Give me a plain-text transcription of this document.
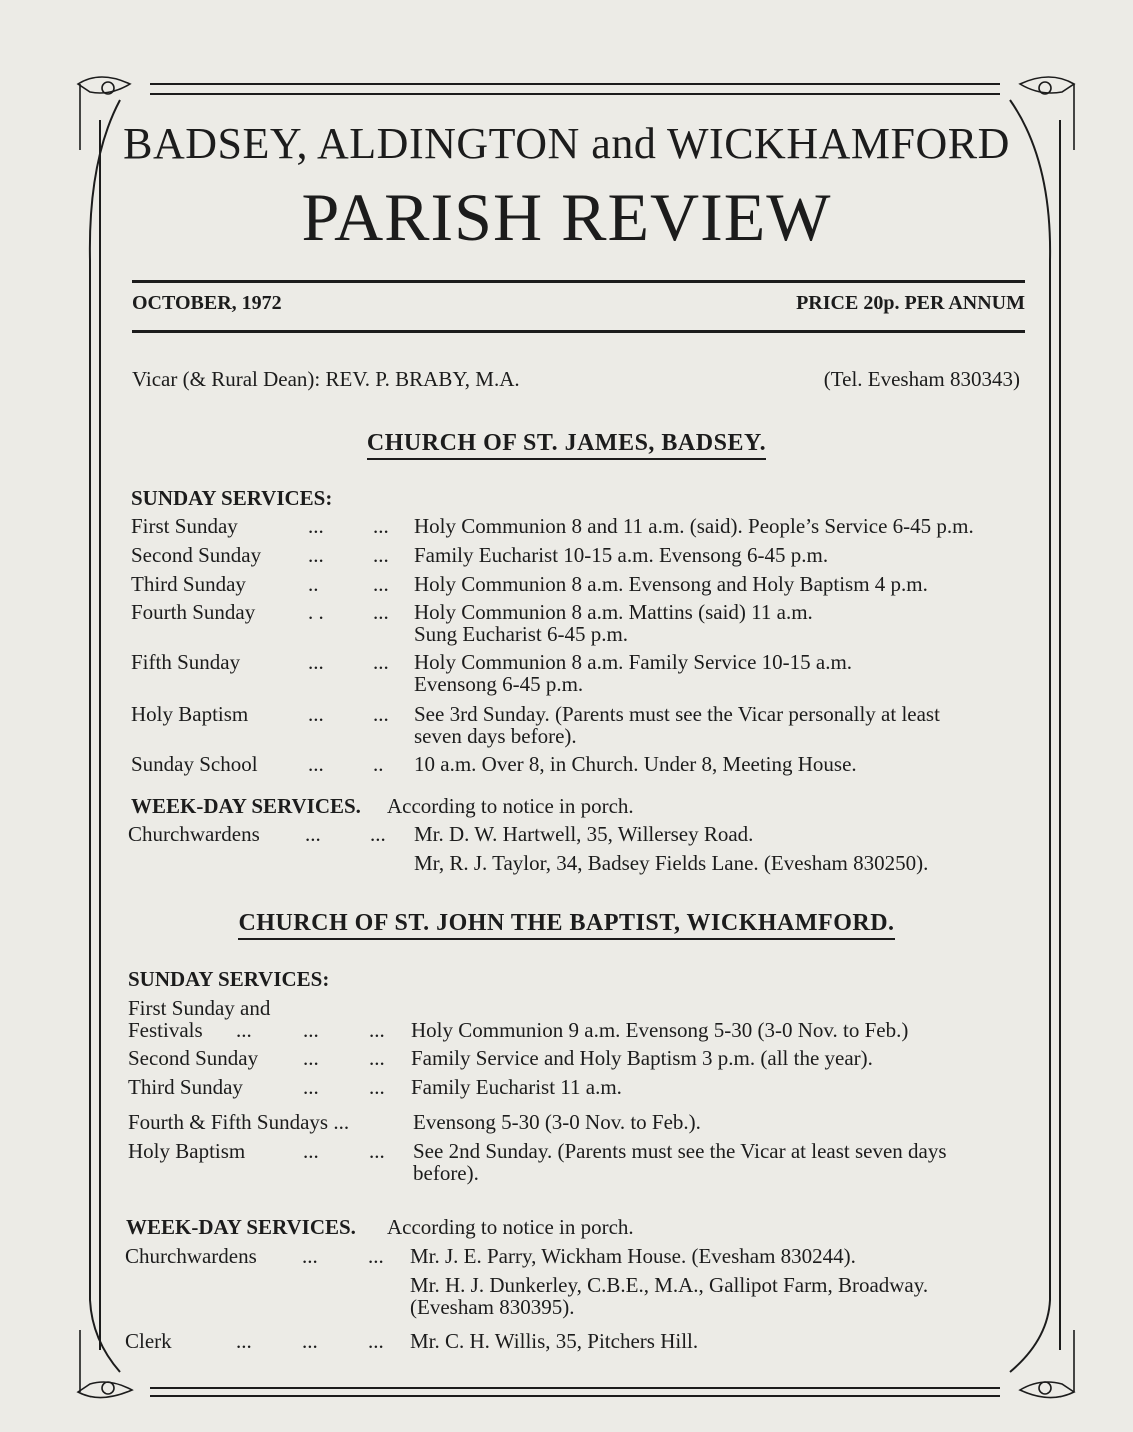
BADSEY, ALDINGTON and WICKHAMFORD
PARISH REVIEW
OCTOBER, 1972	PRICE 20p. PER ANNUM
Vicar (& Rural Dean): REV. P. BRABY, M.A.	(Tel. Evesham 830343)
CHURCH OF ST. JAMES, BADSEY.
SUNDAY SERVICES:
First Sunday	... ... Holy Communion 8 and 11 a.m. (said). People’s Service 6-45 p.m.
Second Sunday ... ... Family Eucharist 10-15 a.m. Evensong 6-45 p.m.
Third Sunday	..	... Holy Communion 8 a.m. Evensong and Holy Baptism 4 p.m.
Fourth Sunday	. . ... Holy Communion 8 a.m. Mattins (said) 11 a.m.
Sung Eucharist 6-45 p.m.
Fifth Sunday	... ... Holy Communion 8 a.m. Family Service 10-15 a.m.
Evensong 6-45 p.m.
Holy Baptism	... ... See 3rd Sunday. (Parents must see the Vicar personally at least
seven days before).
Sunday School ... .. 10 a.m. Over 8, in Church. Under 8, Meeting House.
WEEK-DAY SERVICES. According to notice in porch.
Churchwardens ... ... Mr. D. W. Hartwell, 35, Willersey Road.
Mr, R. J. Taylor, 34, Badsey Fields Lane. (Evesham 830250).
CHURCH OF ST. JOHN THE BAPTIST, WICKHAMFORD.
SUNDAY SERVICES:
First Sunday and
Festivals ... ... ... Holy Communion 9 a.m. Evensong 5-30 (3-0 Nov. to Feb.)
Second Sunday ... ... Family Service and Holy Baptism 3 p.m. (all the year).
Third Sunday	... ... Family Eucharist 11 a.m.
Fourth & Fifth Sundays ...	Evensong 5-30 (3-0 Nov. to Feb.).
Holy Baptism	... ... See 2nd Sunday. (Parents must see the Vicar at least seven days
before).
WEEK-DAY SERVICES. According to notice in porch.
Churchwardens ... ... Mr. J. E. Parry, Wickham House. (Evesham 830244).
Mr. H. J. Dunkerley, C.B.E., M.A., Gallipot Farm, Broadway.
(Evesham 830395).
Clerk	... ... ... Mr. C. H. Willis, 35, Pitchers Hill.
